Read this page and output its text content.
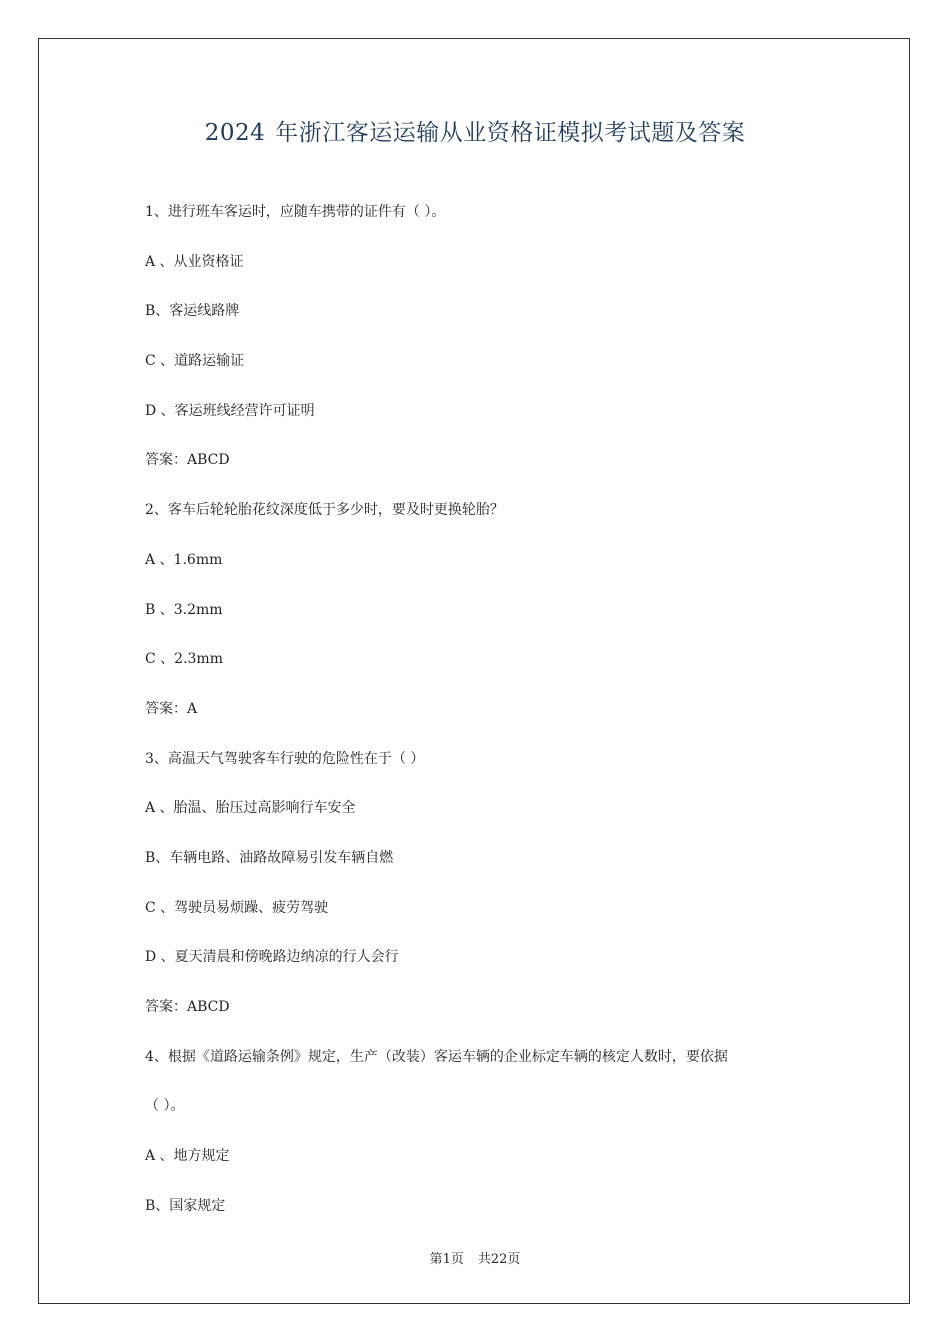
2024 年浙江客运运输从业资格证模拟考试题及答案
1、进行班车客运时，应随车携带的证件有（ ）。
A 、从业资格证
B、客运线路牌
C 、道路运输证
D 、客运班线经营许可证明
答案：ABCD
2、客车后轮轮胎花纹深度低于多少时，要及时更换轮胎？
A 、1.6mm
B 、3.2mm
C 、2.3mm
答案：A
3、高温天气驾驶客车行驶的危险性在于（ ）
A 、胎温、胎压过高影响行车安全
B、车辆电路、油路故障易引发车辆自燃
C 、驾驶员易烦躁、疲劳驾驶
D 、夏天清晨和傍晚路边纳凉的行人会行
答案：ABCD
4、根据《道路运输条例》规定，生产（改装）客运车辆的企业标定车辆的核定人数时，要依据
（ ）。
A 、地方规定
B、国家规定
第1页 共22页
